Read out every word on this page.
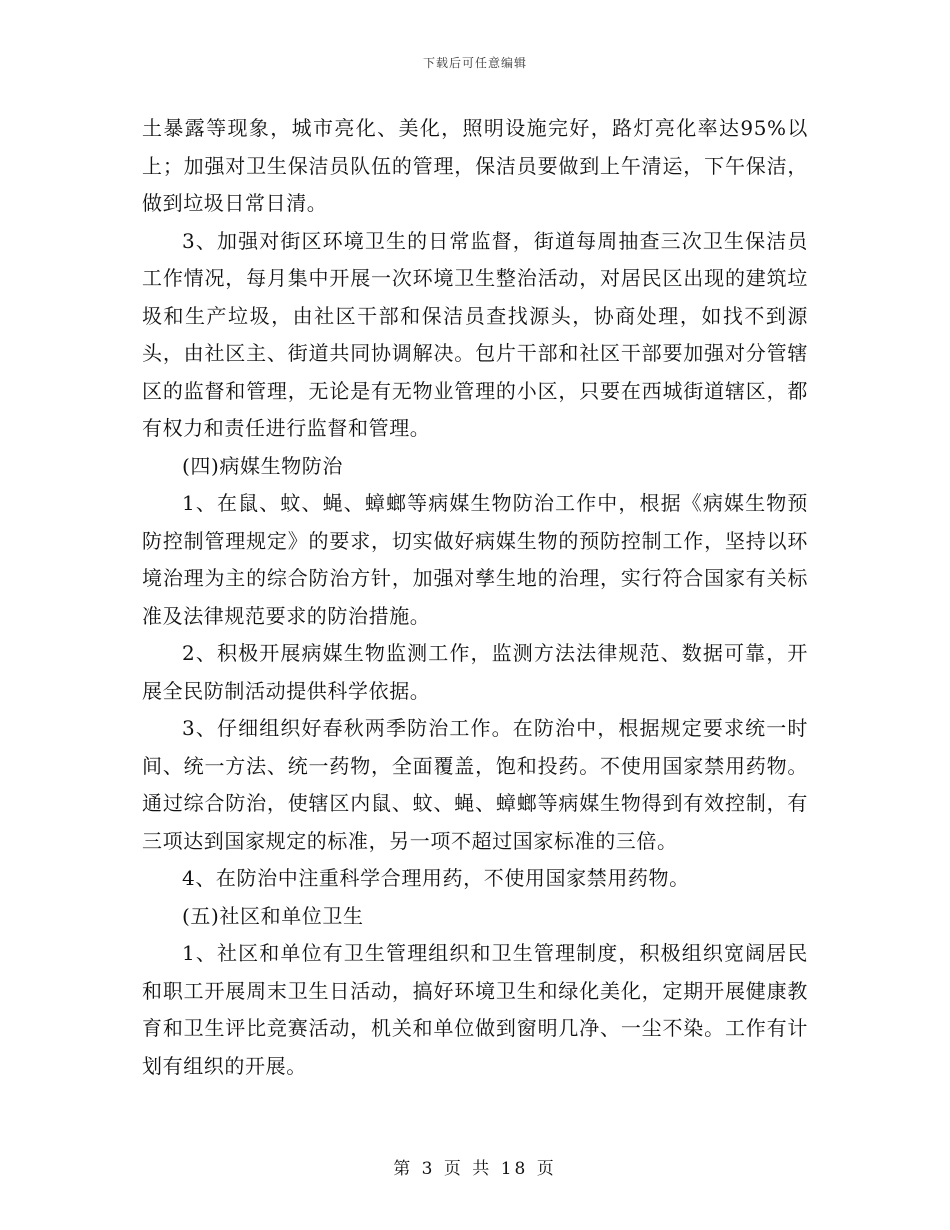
下载后可任意编辑

土暴露等现象，城市亮化、美化，照明设施完好，路灯亮化率达95%以上；加强对卫生保洁员队伍的管理，保洁员要做到上午清运，下午保洁，做到垃圾日常日清。

3、加强对街区环境卫生的日常监督，街道每周抽查三次卫生保洁员工作情况，每月集中开展一次环境卫生整治活动，对居民区出现的建筑垃圾和生产垃圾，由社区干部和保洁员查找源头，协商处理，如找不到源头，由社区主、街道共同协调解决。包片干部和社区干部要加强对分管辖区的监督和管理，无论是有无物业管理的小区，只要在西城街道辖区，都有权力和责任进行监督和管理。

(四)病媒生物防治

1、在鼠、蚊、蝇、蟑螂等病媒生物防治工作中，根据《病媒生物预防控制管理规定》的要求，切实做好病媒生物的预防控制工作，坚持以环境治理为主的综合防治方针，加强对孳生地的治理，实行符合国家有关标准及法律规范要求的防治措施。

2、积极开展病媒生物监测工作，监测方法法律规范、数据可靠，开展全民防制活动提供科学依据。

3、仔细组织好春秋两季防治工作。在防治中，根据规定要求统一时间、统一方法、统一药物，全面覆盖，饱和投药。不使用国家禁用药物。通过综合防治，使辖区内鼠、蚊、蝇、蟑螂等病媒生物得到有效控制，有三项达到国家规定的标准，另一项不超过国家标准的三倍。

4、在防治中注重科学合理用药，不使用国家禁用药物。

(五)社区和单位卫生

1、社区和单位有卫生管理组织和卫生管理制度，积极组织宽阔居民和职工开展周末卫生日活动，搞好环境卫生和绿化美化，定期开展健康教育和卫生评比竞赛活动，机关和单位做到窗明几净、一尘不染。工作有计划有组织的开展。

第 3 页 共 18 页
